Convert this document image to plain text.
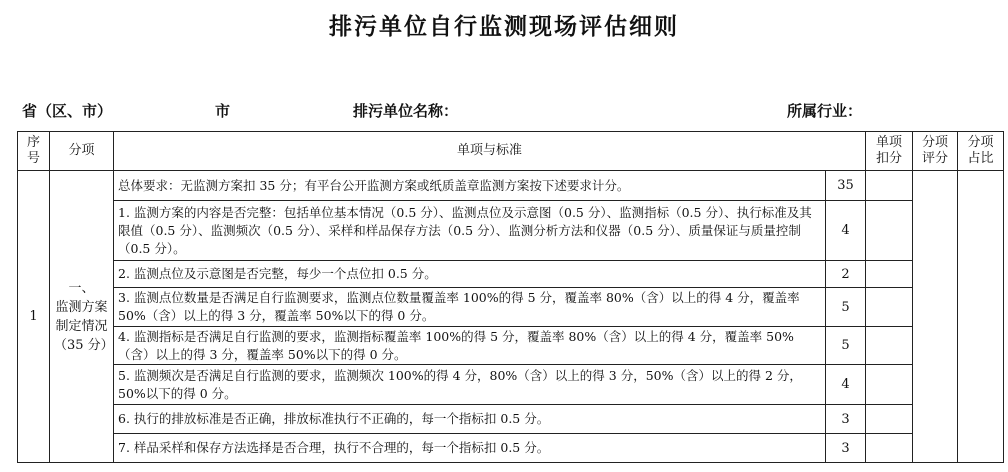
排污单位自行监测现场评估细则
省（区、市）	市	排污单位名称：	所属行业：
序号	分项	单项与标准		单项扣分	分项评分	分项占比
1	一、
监测方案制定情况
（35 分）	总体要求：无监测方案扣 35 分；有平台公开监测方案或纸质盖章监测方案按下述要求计分。	35			
		1. 监测方案的内容是否完整：包括单位基本情况（0.5 分）、监测点位及示意图（0.5 分）、监测指标（0.5 分）、执行标准及其限值（0.5 分）、监测频次（0.5 分）、采样和样品保存方法（0.5 分）、监测分析方法和仪器（0.5 分）、质量保证与质量控制（0.5 分）。	4			
		2. 监测点位及示意图是否完整，每少一个点位扣 0.5 分。	2			
		3. 监测点位数量是否满足自行监测要求，监测点位数量覆盖率 100%的得 5 分，覆盖率 80%（含）以上的得 4 分，覆盖率 50%（含）以上的得 3 分，覆盖率 50%以下的得 0 分。	5			
		4. 监测指标是否满足自行监测的要求，监测指标覆盖率 100%的得 5 分，覆盖率 80%（含）以上的得 4 分，覆盖率 50%（含）以上的得 3 分，覆盖率 50%以下的得 0 分。	5			
		5. 监测频次是否满足自行监测的要求，监测频次 100%的得 4 分，80%（含）以上的得 3 分，50%（含）以上的得 2 分，50%以下的得 0 分。	4			
		6. 执行的排放标准是否正确，排放标准执行不正确的，每一个指标扣 0.5 分。	3			
		7. 样品采样和保存方法选择是否合理，执行不合理的，每一个指标扣 0.5 分。	3			
